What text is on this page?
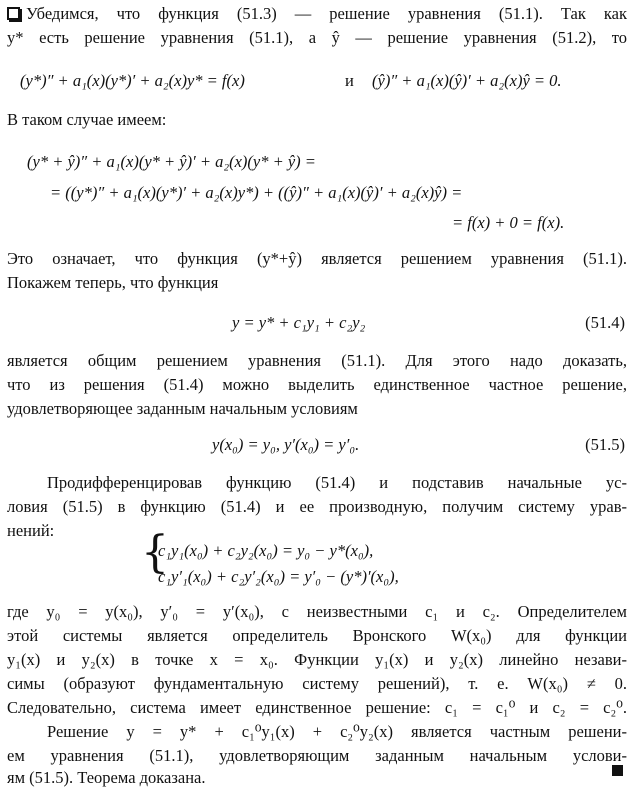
Убедимся, что функция (51.3) — решение уравнения (51.1). Так как
y* есть решение уравнения (51.1), а ŷ — решение уравнения (51.2), то
(y*)″ + a₁(x)(y*)′ + a₂(x)y* = f(x)	и (ŷ)″ + a₁(x)(ŷ)′ + a₂(x)ŷ = 0.
В таком случае имеем:
(y* + ŷ)″ + a₁(x)(y* + ŷ)′ + a₂(x)(y* + ŷ) =
= ((y*)″ + a₁(x)(y*)′ + a₂(x)y*) + ((ŷ)″ + a₁(x)(ŷ)′ + a₂(x)ŷ) =
= f(x) + 0 = f(x).
Это означает, что функция (y*+ŷ) является решением уравнения (51.1).
Покажем теперь, что функция
y = y* + c₁y₁ + c₂y₂	(51.4)
является общим решением уравнения (51.1). Для этого надо доказать,
что из решения (51.4) можно выделить единственное частное решение,
удовлетворяющее заданным начальным условиям
y(x₀) = y₀, y′(x₀) = y′₀.	(51.5)
Продифференцировав функцию (51.4) и подставив начальные ус-
ловия (51.5) в функцию (51.4) и ее производную, получим систему урав-
нений:	{
c₁y₁(x₀) + c₂y₂(x₀) = y₀ − y*(x₀),
c₁y′₁(x₀) + c₂y′₂(x₀) = y′₀ − (y*)′(x₀),
где y₀ = y(x₀), y′₀ = y′(x₀), с неизвестными c₁ и c₂. Определителем
этой системы является определитель Вронского W(x₀) для функции
y₁(x) и y₂(x) в точке x = x₀. Функции y₁(x) и y₂(x) линейно незави-
симы (образуют фундаментальную систему решений), т. е. W(x₀) ≠ 0.
Следовательно, система имеет единственное решение: c₁ = c₁⁰ и c₂ = c₂⁰.
Решение y = y* + c₁⁰y₁(x) + c₂⁰y₂(x) является частным решени-
ем уравнения (51.1), удовлетворяющим заданным начальным услови-
ям (51.5). Теорема доказана.
